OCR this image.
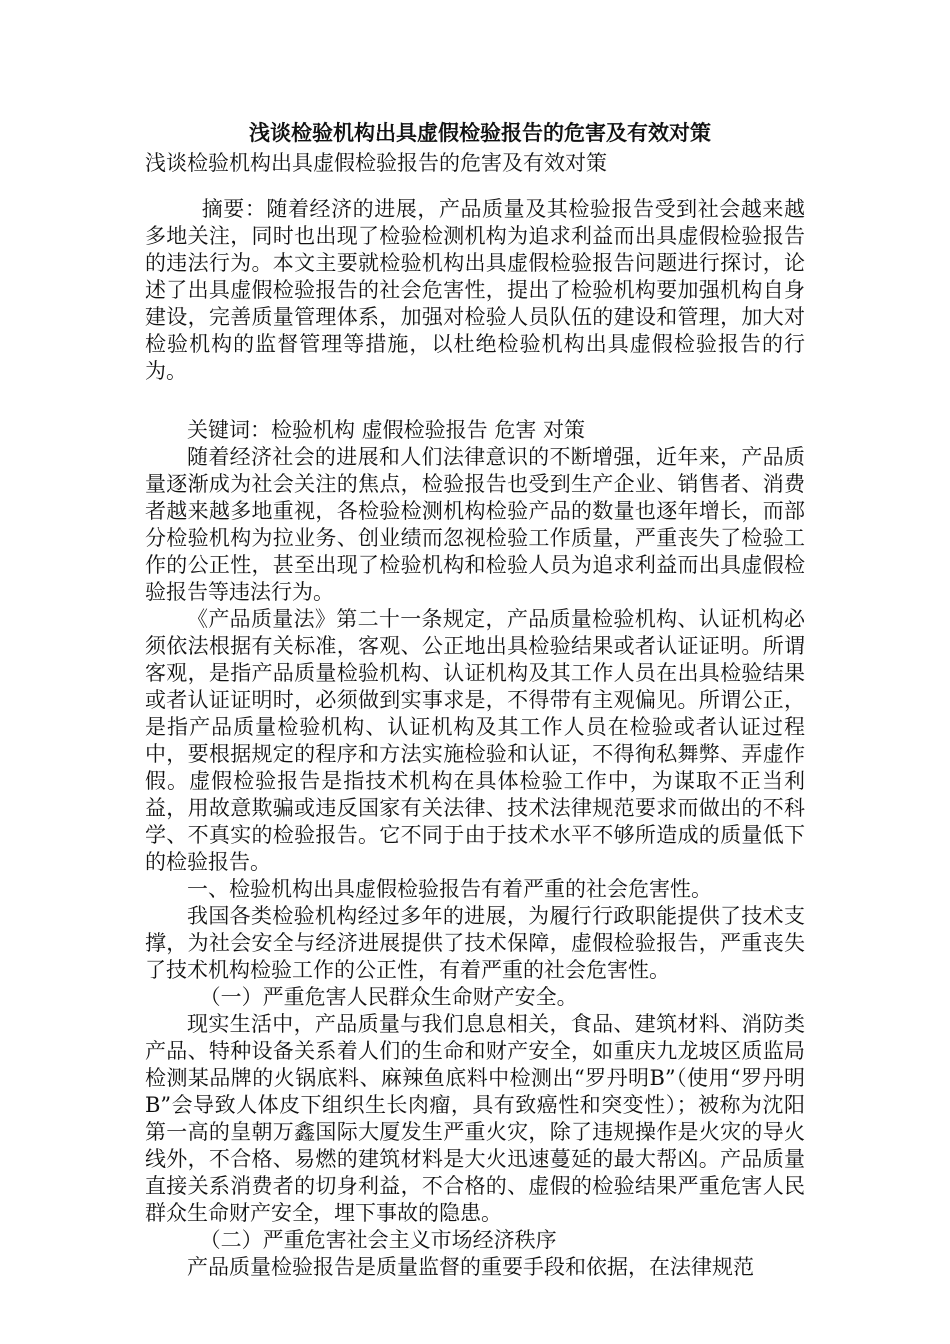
浅谈检验机构出具虚假检验报告的危害及有效对策

浅谈检验机构出具虚假检验报告的危害及有效对策

摘要：随着经济的进展，产品质量及其检验报告受到社会越来越多地关注，同时也出现了检验检测机构为追求利益而出具虚假检验报告的违法行为。本文主要就检验机构出具虚假检验报告问题进行探讨，论述了出具虚假检验报告的社会危害性，提出了检验机构要加强机构自身建设，完善质量管理体系，加强对检验人员队伍的建设和管理，加大对检验机构的监督管理等措施，以杜绝检验机构出具虚假检验报告的行为。

关键词：检验机构 虚假检验报告 危害 对策

随着经济社会的进展和人们法律意识的不断增强，近年来，产品质量逐渐成为社会关注的焦点，检验报告也受到生产企业、销售者、消费者越来越多地重视，各检验检测机构检验产品的数量也逐年增长，而部分检验机构为拉业务、创业绩而忽视检验工作质量，严重丧失了检验工作的公正性，甚至出现了检验机构和检验人员为追求利益而出具虚假检验报告等违法行为。

《产品质量法》第二十一条规定，产品质量检验机构、认证机构必须依法根据有关标准，客观、公正地出具检验结果或者认证证明。所谓客观，是指产品质量检验机构、认证机构及其工作人员在出具检验结果或者认证证明时，必须做到实事求是，不得带有主观偏见。所谓公正，是指产品质量检验机构、认证机构及其工作人员在检验或者认证过程中，要根据规定的程序和方法实施检验和认证，不得徇私舞弊、弄虚作假。虚假检验报告是指技术机构在具体检验工作中，为谋取不正当利益，用故意欺骗或违反国家有关法律、技术法律规范要求而做出的不科学、不真实的检验报告。它不同于由于技术水平不够所造成的质量低下的检验报告。

一、检验机构出具虚假检验报告有着严重的社会危害性。

我国各类检验机构经过多年的进展，为履行行政职能提供了技术支撑，为社会安全与经济进展提供了技术保障，虚假检验报告，严重丧失了技术机构检验工作的公正性，有着严重的社会危害性。

（一）严重危害人民群众生命财产安全。

现实生活中，产品质量与我们息息相关，食品、建筑材料、消防类产品、特种设备关系着人们的生命和财产安全，如重庆九龙坡区质监局检测某品牌的火锅底料、麻辣鱼底料中检测出“罗丹明B”（使用“罗丹明B”会导致人体皮下组织生长肉瘤，具有致癌性和突变性）；被称为沈阳第一高的皇朝万鑫国际大厦发生严重火灾，除了违规操作是火灾的导火线外，不合格、易燃的建筑材料是大火迅速蔓延的最大帮凶。产品质量直接关系消费者的切身利益，不合格的、虚假的检验结果严重危害人民群众生命财产安全，埋下事故的隐患。

（二）严重危害社会主义市场经济秩序

产品质量检验报告是质量监督的重要手段和依据，在法律规范
